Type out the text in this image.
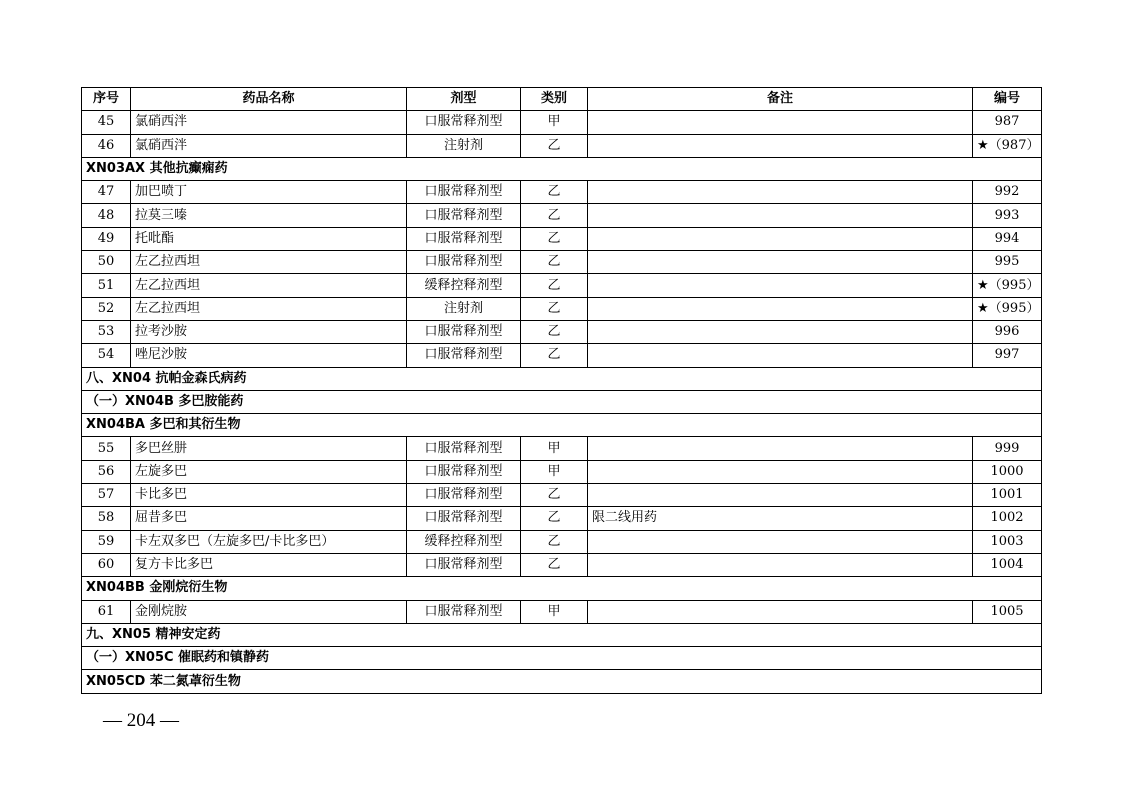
序号	药品名称	剂型	类别	备注	编号
45	氯硝西泮	口服常释剂型	甲		987
46	氯硝西泮	注射剂	乙		★（987）
XN03AX 其他抗癫痫药					
47	加巴喷丁	口服常释剂型	乙		992
48	拉莫三嗪	口服常释剂型	乙		993
49	托吡酯	口服常释剂型	乙		994
50	左乙拉西坦	口服常释剂型	乙		995
51	左乙拉西坦	缓释控释剂型	乙		★（995）
52	左乙拉西坦	注射剂	乙		★（995）
53	拉考沙胺	口服常释剂型	乙		996
54	唑尼沙胺	口服常释剂型	乙		997
八、XN04 抗帕金森氏病药					
（一）XN04B 多巴胺能药					
XN04BA 多巴和其衍生物					
55	多巴丝肼	口服常释剂型	甲		999
56	左旋多巴	口服常释剂型	甲		1000
57	卡比多巴	口服常释剂型	乙		1001
58	屈昔多巴	口服常释剂型	乙	限二线用药	1002
59	卡左双多巴（左旋多巴/卡比多巴）	缓释控释剂型	乙		1003
60	复方卡比多巴	口服常释剂型	乙		1004
XN04BB 金刚烷衍生物					
61	金刚烷胺	口服常释剂型	甲		1005
九、XN05 精神安定药					
（一）XN05C 催眠药和镇静药					
XN05CD 苯二氮䓬衍生物					
— 204 —
